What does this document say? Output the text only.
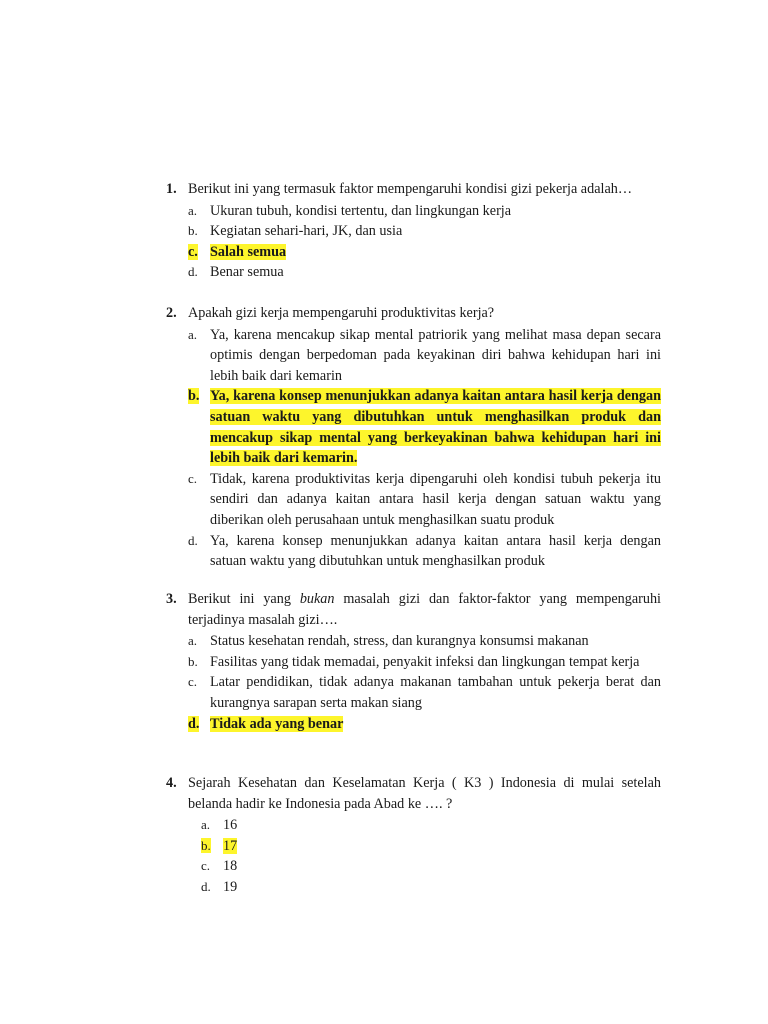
1. Berikut ini yang termasuk faktor mempengaruhi kondisi gizi pekerja adalah…
a. Ukuran tubuh, kondisi tertentu, dan lingkungan kerja
b. Kegiatan sehari-hari, JK, dan usia
c. Salah semua
d. Benar semua
2. Apakah gizi kerja mempengaruhi produktivitas kerja?
a. Ya, karena mencakup sikap mental patriorik yang melihat masa depan secara optimis dengan berpedoman pada keyakinan diri bahwa kehidupan hari ini lebih baik dari kemarin
b. Ya, karena konsep menunjukkan adanya kaitan antara hasil kerja dengan satuan waktu yang dibutuhkan untuk menghasilkan produk dan mencakup sikap mental yang berkeyakinan bahwa kehidupan hari ini lebih baik dari kemarin.
c. Tidak, karena produktivitas kerja dipengaruhi oleh kondisi tubuh pekerja itu sendiri dan adanya kaitan antara hasil kerja dengan satuan waktu yang diberikan oleh perusahaan untuk menghasilkan suatu produk
d. Ya, karena konsep menunjukkan adanya kaitan antara hasil kerja dengan satuan waktu yang dibutuhkan untuk menghasilkan produk
3. Berikut ini yang bukan masalah gizi dan faktor-faktor yang mempengaruhi terjadinya masalah gizi….
a. Status kesehatan rendah, stress, dan kurangnya konsumsi makanan
b. Fasilitas yang tidak memadai, penyakit infeksi dan lingkungan tempat kerja
c. Latar pendidikan, tidak adanya makanan tambahan untuk pekerja berat dan kurangnya sarapan serta makan siang
d. Tidak ada yang benar
4. Sejarah Kesehatan dan Keselamatan Kerja ( K3 ) Indonesia di mulai setelah belanda hadir ke Indonesia pada Abad ke …. ?
a. 16
b. 17
c. 18
d. 19
